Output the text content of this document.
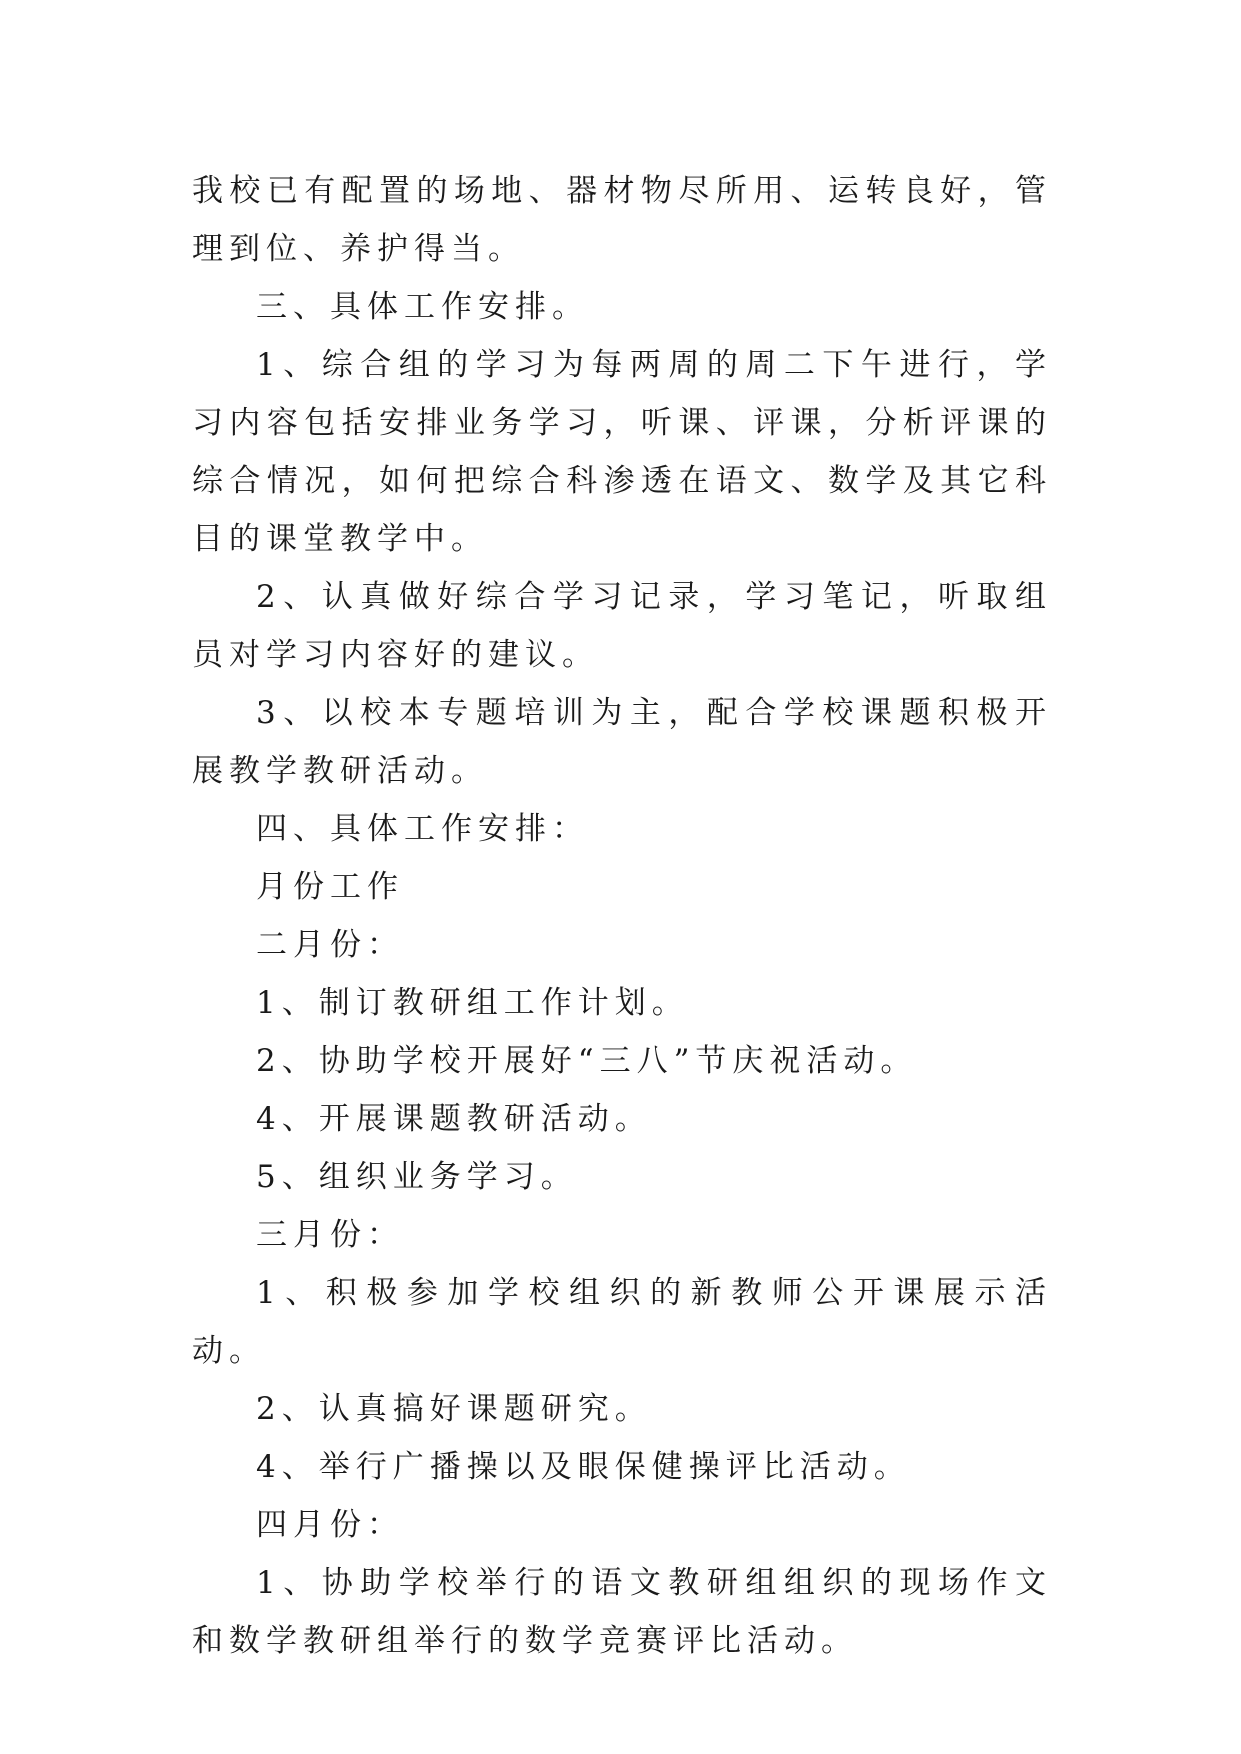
我校已有配置的场地、器材物尽所用、运转良好，管理到位、养护得当。

三、具体工作安排。

1、综合组的学习为每两周的周二下午进行，学习内容包括安排业务学习，听课、评课，分析评课的综合情况，如何把综合科渗透在语文、数学及其它科目的课堂教学中。

2、认真做好综合学习记录，学习笔记，听取组员对学习内容好的建议。

3、以校本专题培训为主，配合学校课题积极开展教学教研活动。

四、具体工作安排：

月份工作

二月份：

1、制订教研组工作计划。

2、协助学校开展好“三八”节庆祝活动。

4、开展课题教研活动。

5、组织业务学习。

三月份：

1、积极参加学校组织的新教师公开课展示活动。

2、认真搞好课题研究。

4、举行广播操以及眼保健操评比活动。

四月份：

1、协助学校举行的语文教研组组织的现场作文和数学教研组举行的数学竞赛评比活动。
